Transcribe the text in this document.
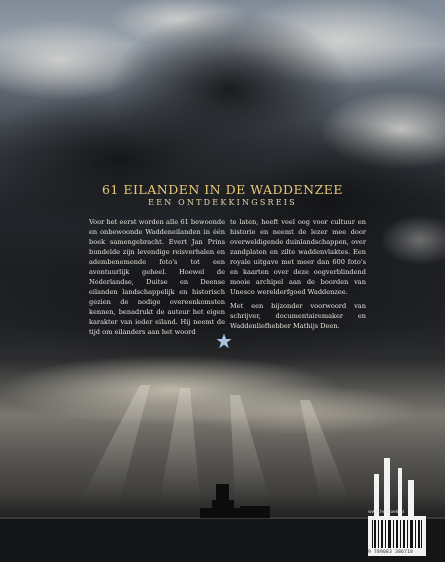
61 EILANDEN IN DE WADDENZEE
EEN ONTDEKKINGSREIS

Voor het eerst worden alle 61 bewoonde en onbewoonde Waddeneilanden in één boek samengebracht. Evert Jan Prins bundelde zijn levendige reisverhalen en adembenemende foto's tot een avontuurlijk geheel. Hoewel de Nederlandse, Duitse en Deense eilanden landschappelijk en historisch gezien de nodige overeenkomsten kennen, benadrukt de auteur het eigen karakter van ieder eiland. Hij neemt de tijd om eilanders aan het woord

te laten, heeft veel oog voor cultuur en historie en neemt de lezer mee door overweldigende duinlandschappen, over zandplaten en zilte waddenvlaktes. Een royale uitgave met meer dan 600 foto's en kaarten over deze oogverblindend mooie archipel aan de boorden van Unesco werelderfgoed Waddenzee.

Met een bijzonder voorwoord van schrijver, documentairemaker en Waddenliefhebber Mathijs Deen.

www.hetboek.nl
9 789083 386718
